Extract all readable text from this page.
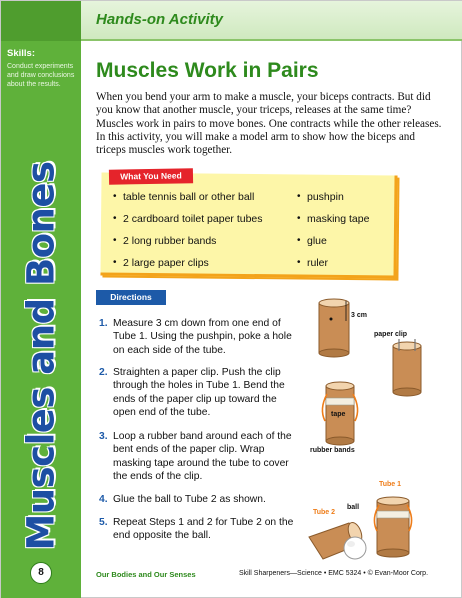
Skills:
Conduct experiments and draw conclusions about the results.
Muscles and Bones
8
Hands-on Activity
Muscles Work in Pairs
When you bend your arm to make a muscle, your biceps contracts. But did you know that another muscle, your triceps, releases at the same time? Muscles work in pairs to move bones. One contracts while the other releases. In this activity, you will make a model arm to show how the biceps and triceps muscles work together.
What You Need
• table tennis ball or other ball
• 2 cardboard toilet paper tubes
• 2 long rubber bands
• 2 large paper clips
• pushpin
• masking tape
• glue
• ruler
Directions
1. Measure 3 cm down from one end of Tube 1. Using the pushpin, poke a hole on each side of the tube.
2. Straighten a paper clip. Push the clip through the holes in Tube 1. Bend the ends of the paper clip up toward the open end of the tube.
3. Loop a rubber band around each of the bent ends of the paper clip. Wrap masking tape around the tube to cover the ends of the clip.
4. Glue the ball to Tube 2 as shown.
5. Repeat Steps 1 and 2 for Tube 2 on the end opposite the ball.
3 cm
paper clip
tape
rubber bands
Tube 1
Tube 2
ball
Our Bodies and Our Senses	Skill Sharpeners—Science • EMC 5324 • © Evan-Moor Corp.
